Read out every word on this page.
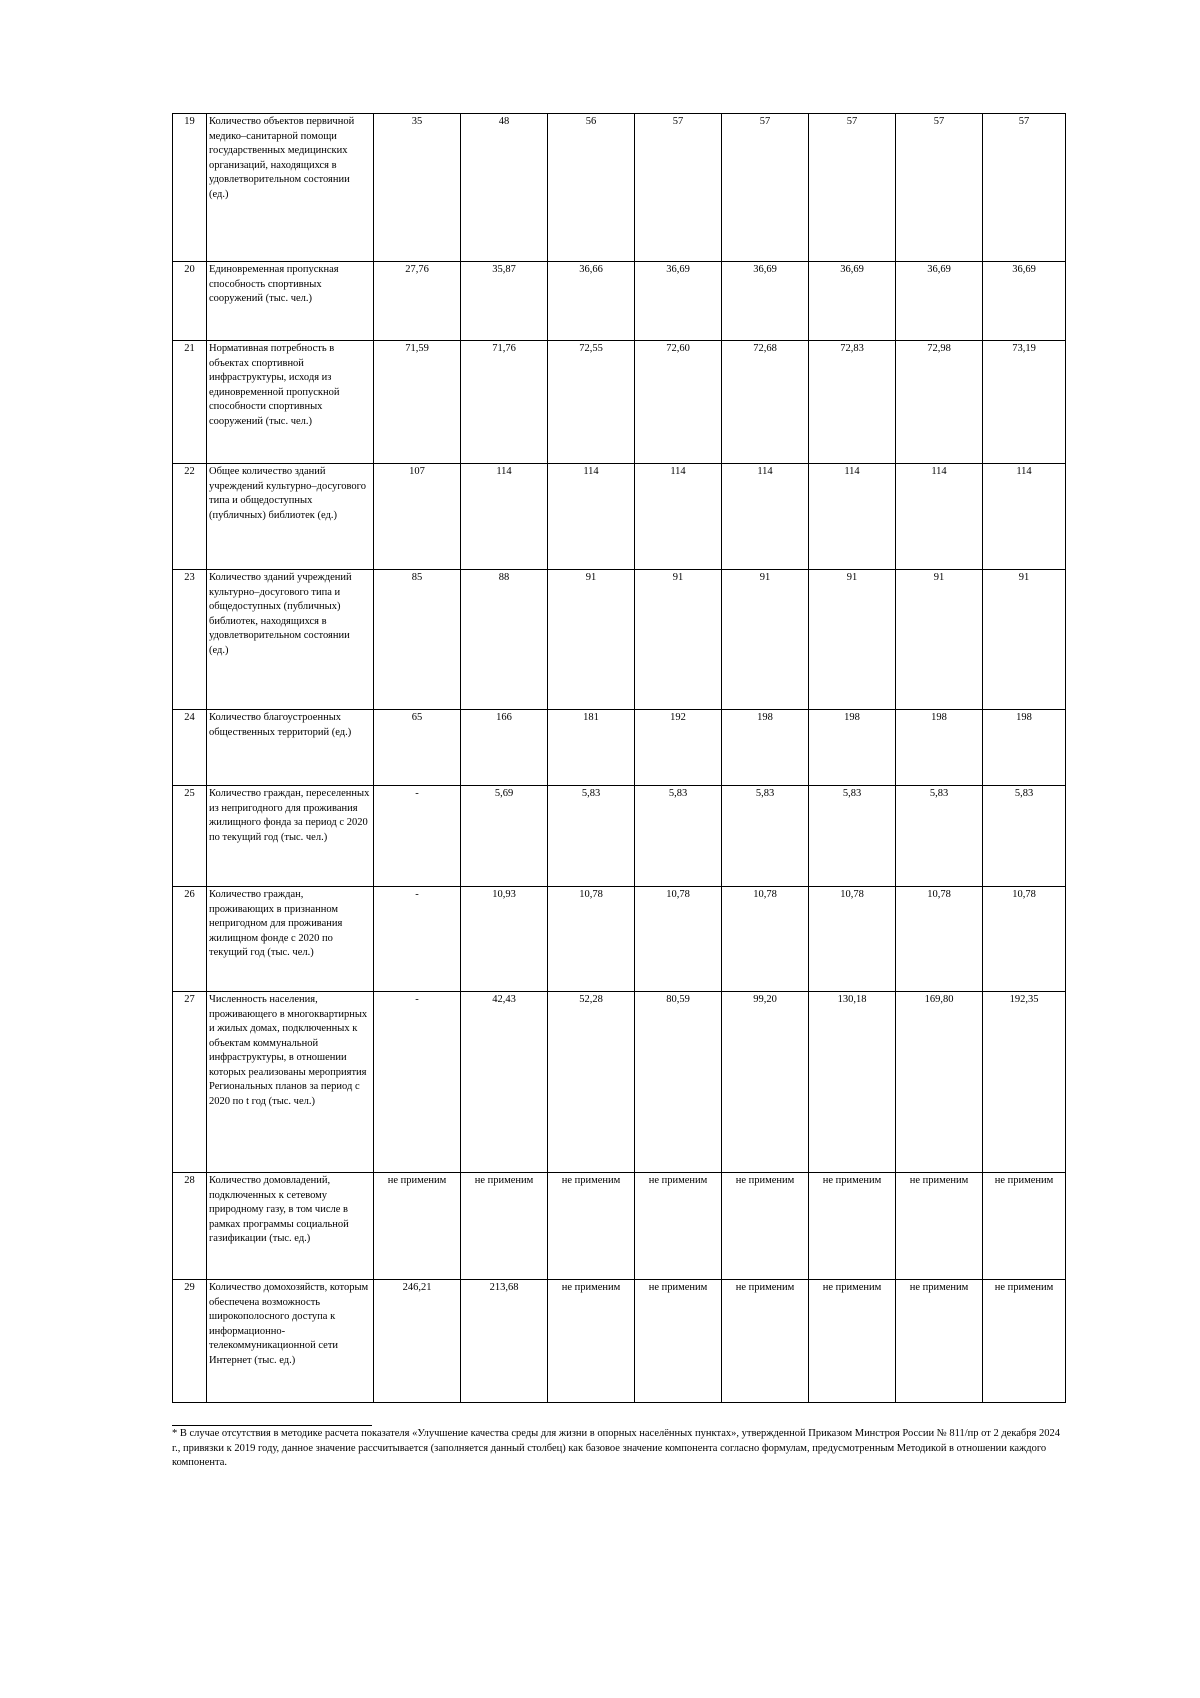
19	Количество объектов первичной медико–санитарной помощи государственных медицинских организаций, находящихся в удовлетворительном состоянии (ед.)	35	48	56	57	57	57	57	57
20	Единовременная пропускная способность спортивных сооружений (тыс. чел.)	27,76	35,87	36,66	36,69	36,69	36,69	36,69	36,69
21	Нормативная потребность в объектах спортивной инфраструктуры, исходя из единовременной пропускной способности спортивных сооружений (тыс. чел.)	71,59	71,76	72,55	72,60	72,68	72,83	72,98	73,19
22	Общее количество зданий учреждений культурно–досугового типа и общедоступных (публичных) библиотек (ед.)	107	114	114	114	114	114	114	114
23	Количество зданий учреждений культурно–досугового типа и общедоступных (публичных) библиотек, находящихся в удовлетворительном состоянии (ед.)	85	88	91	91	91	91	91	91
24	Количество благоустроенных общественных территорий (ед.)	65	166	181	192	198	198	198	198
25	Количество граждан, переселенных из непригодного для проживания жилищного фонда за период с 2020 по текущий год (тыс. чел.)	-	5,69	5,83	5,83	5,83	5,83	5,83	5,83
26	Количество граждан, проживающих в признанном непригодном для проживания жилищном фонде с 2020 по текущий год (тыс. чел.)	-	10,93	10,78	10,78	10,78	10,78	10,78	10,78
27	Численность населения, проживающего в многоквартирных и жилых домах, подключенных к объектам коммунальной инфраструктуры, в отношении которых реализованы мероприятия Региональных планов за период с 2020 по t год (тыс. чел.)	-	42,43	52,28	80,59	99,20	130,18	169,80	192,35
28	Количество домовладений, подключенных к сетевому природному газу, в том числе в рамках программы социальной газификации (тыс. ед.)	не применим	не применим	не применим	не применим	не применим	не применим	не применим	не применим
29	Количество домохозяйств, которым обеспечена возможность широкополосного доступа к информационно-телекоммуникационной сети Интернет (тыс. ед.)	246,21	213,68	не применим	не применим	не применим	не применим	не применим	не применим

* В случае отсутствия в методике расчета показателя «Улучшение качества среды для жизни в опорных населённых пунктах», утвержденной Приказом Минстроя России № 811/пр от 2 декабря 2024 г., привязки к 2019 году, данное значение рассчитывается (заполняется данный столбец) как базовое значение компонента согласно формулам, предусмотренным Методикой в отношении каждого компонента.
